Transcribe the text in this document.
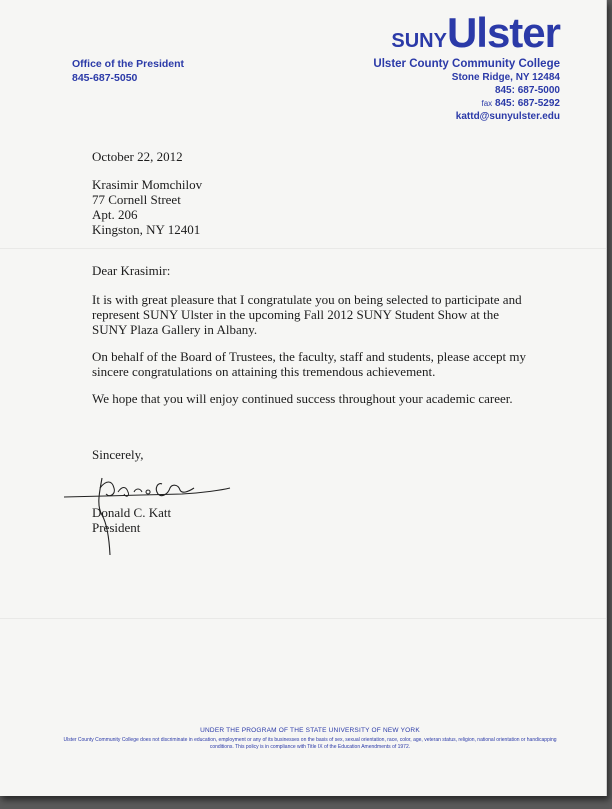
Office of the President
845-687-5050
SUNYUlster
Ulster County Community College
Stone Ridge, NY 12484
845: 687-5000
fax 845: 687-5292
kattd@sunyulster.edu
October 22, 2012
Krasimir Momchilov
77 Cornell Street
Apt. 206
Kingston, NY 12401
Dear Krasimir:

It is with great pleasure that I congratulate you on being selected to participate and represent SUNY Ulster in the upcoming Fall 2012 SUNY Student Show at the SUNY Plaza Gallery in Albany.

On behalf of the Board of Trustees, the faculty, staff and students, please accept my sincere congratulations on attaining this tremendous achievement.

We hope that you will enjoy continued success throughout your academic career.

Sincerely,
Donald C. Katt
President
UNDER THE PROGRAM OF THE STATE UNIVERSITY OF NEW YORK
Ulster County Community College does not discriminate in education, employment or any of its businesses on the basis of sex, sexual orientation, race, color, age, veteran status, religion, national orientation or handicapping conditions. This policy is in compliance with Title IX of the Education Amendments of 1972.
